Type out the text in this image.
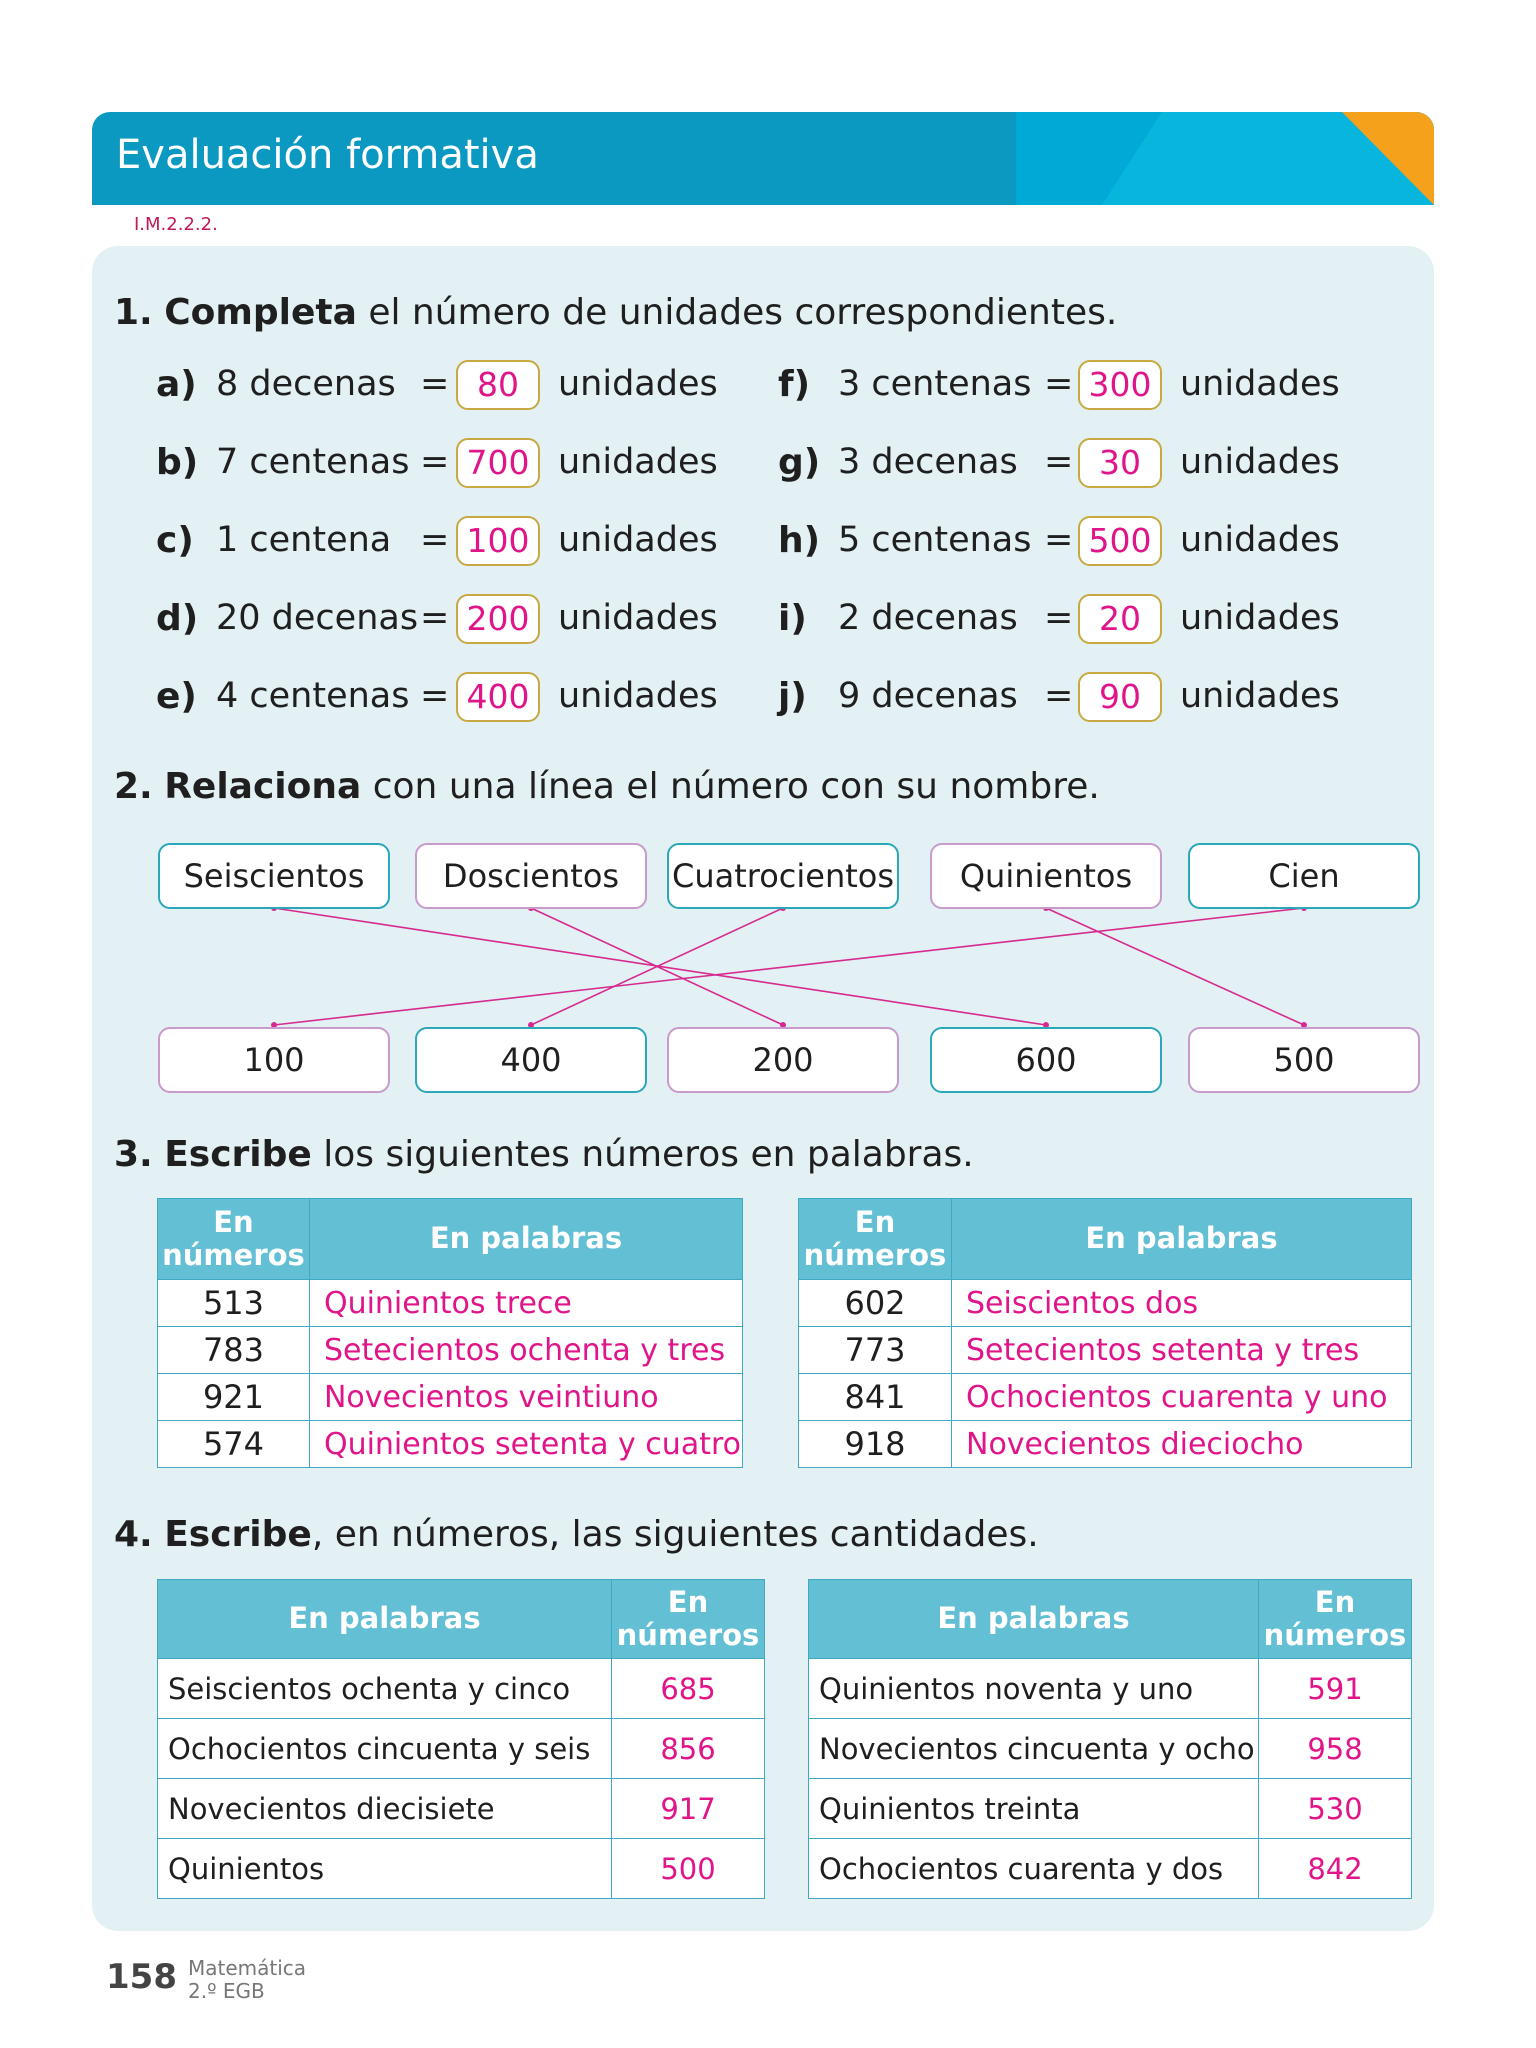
Evaluación formativa
DUA
Acción y expresión
I.M.2.2.2.
1. Completa el número de unidades correspondientes.
a) 8 decenas = 80	unidades
b) 7 centenas = 700 unidades
c) 1 centena = 100 unidades
d) 20 decenas = 200 unidades
e) 4 centenas = 400 unidades
f) 3 centenas = 300 unidades
g) 3 decenas = 30	unidades
h) 5 centenas = 500 unidades
i) 2 decenas = 20	unidades
j) 9 decenas = 90	unidades
2. Relaciona con una línea el número con su nombre.
Seiscientos	Doscientos	Cuatrocientos	Quinientos	Cien
100	400	200	600	500
3. Escribe los siguientes números en palabras.
En
números	En palabras
513	Quinientos trece
783	Setecientos ochenta y tres
921	Novecientos veintiuno
574	Quinientos setenta y cuatro
En
números	En palabras
602	Seiscientos dos
773	Setecientos setenta y tres
841	Ochocientos cuarenta y uno
918	Novecientos dieciocho
4. Escribe, en números, las siguientes cantidades.
En palabras	En
números
Seiscientos ochenta y cinco	685
Ochocientos cincuenta y seis	856
Novecientos diecisiete	917
Quinientos	500
En palabras	En
números
Quinientos noventa y uno	591
Novecientos cincuenta y ocho	958
Quinientos treinta	530
Ochocientos cuarenta y dos	842
158 Matemática
2.º EGB
